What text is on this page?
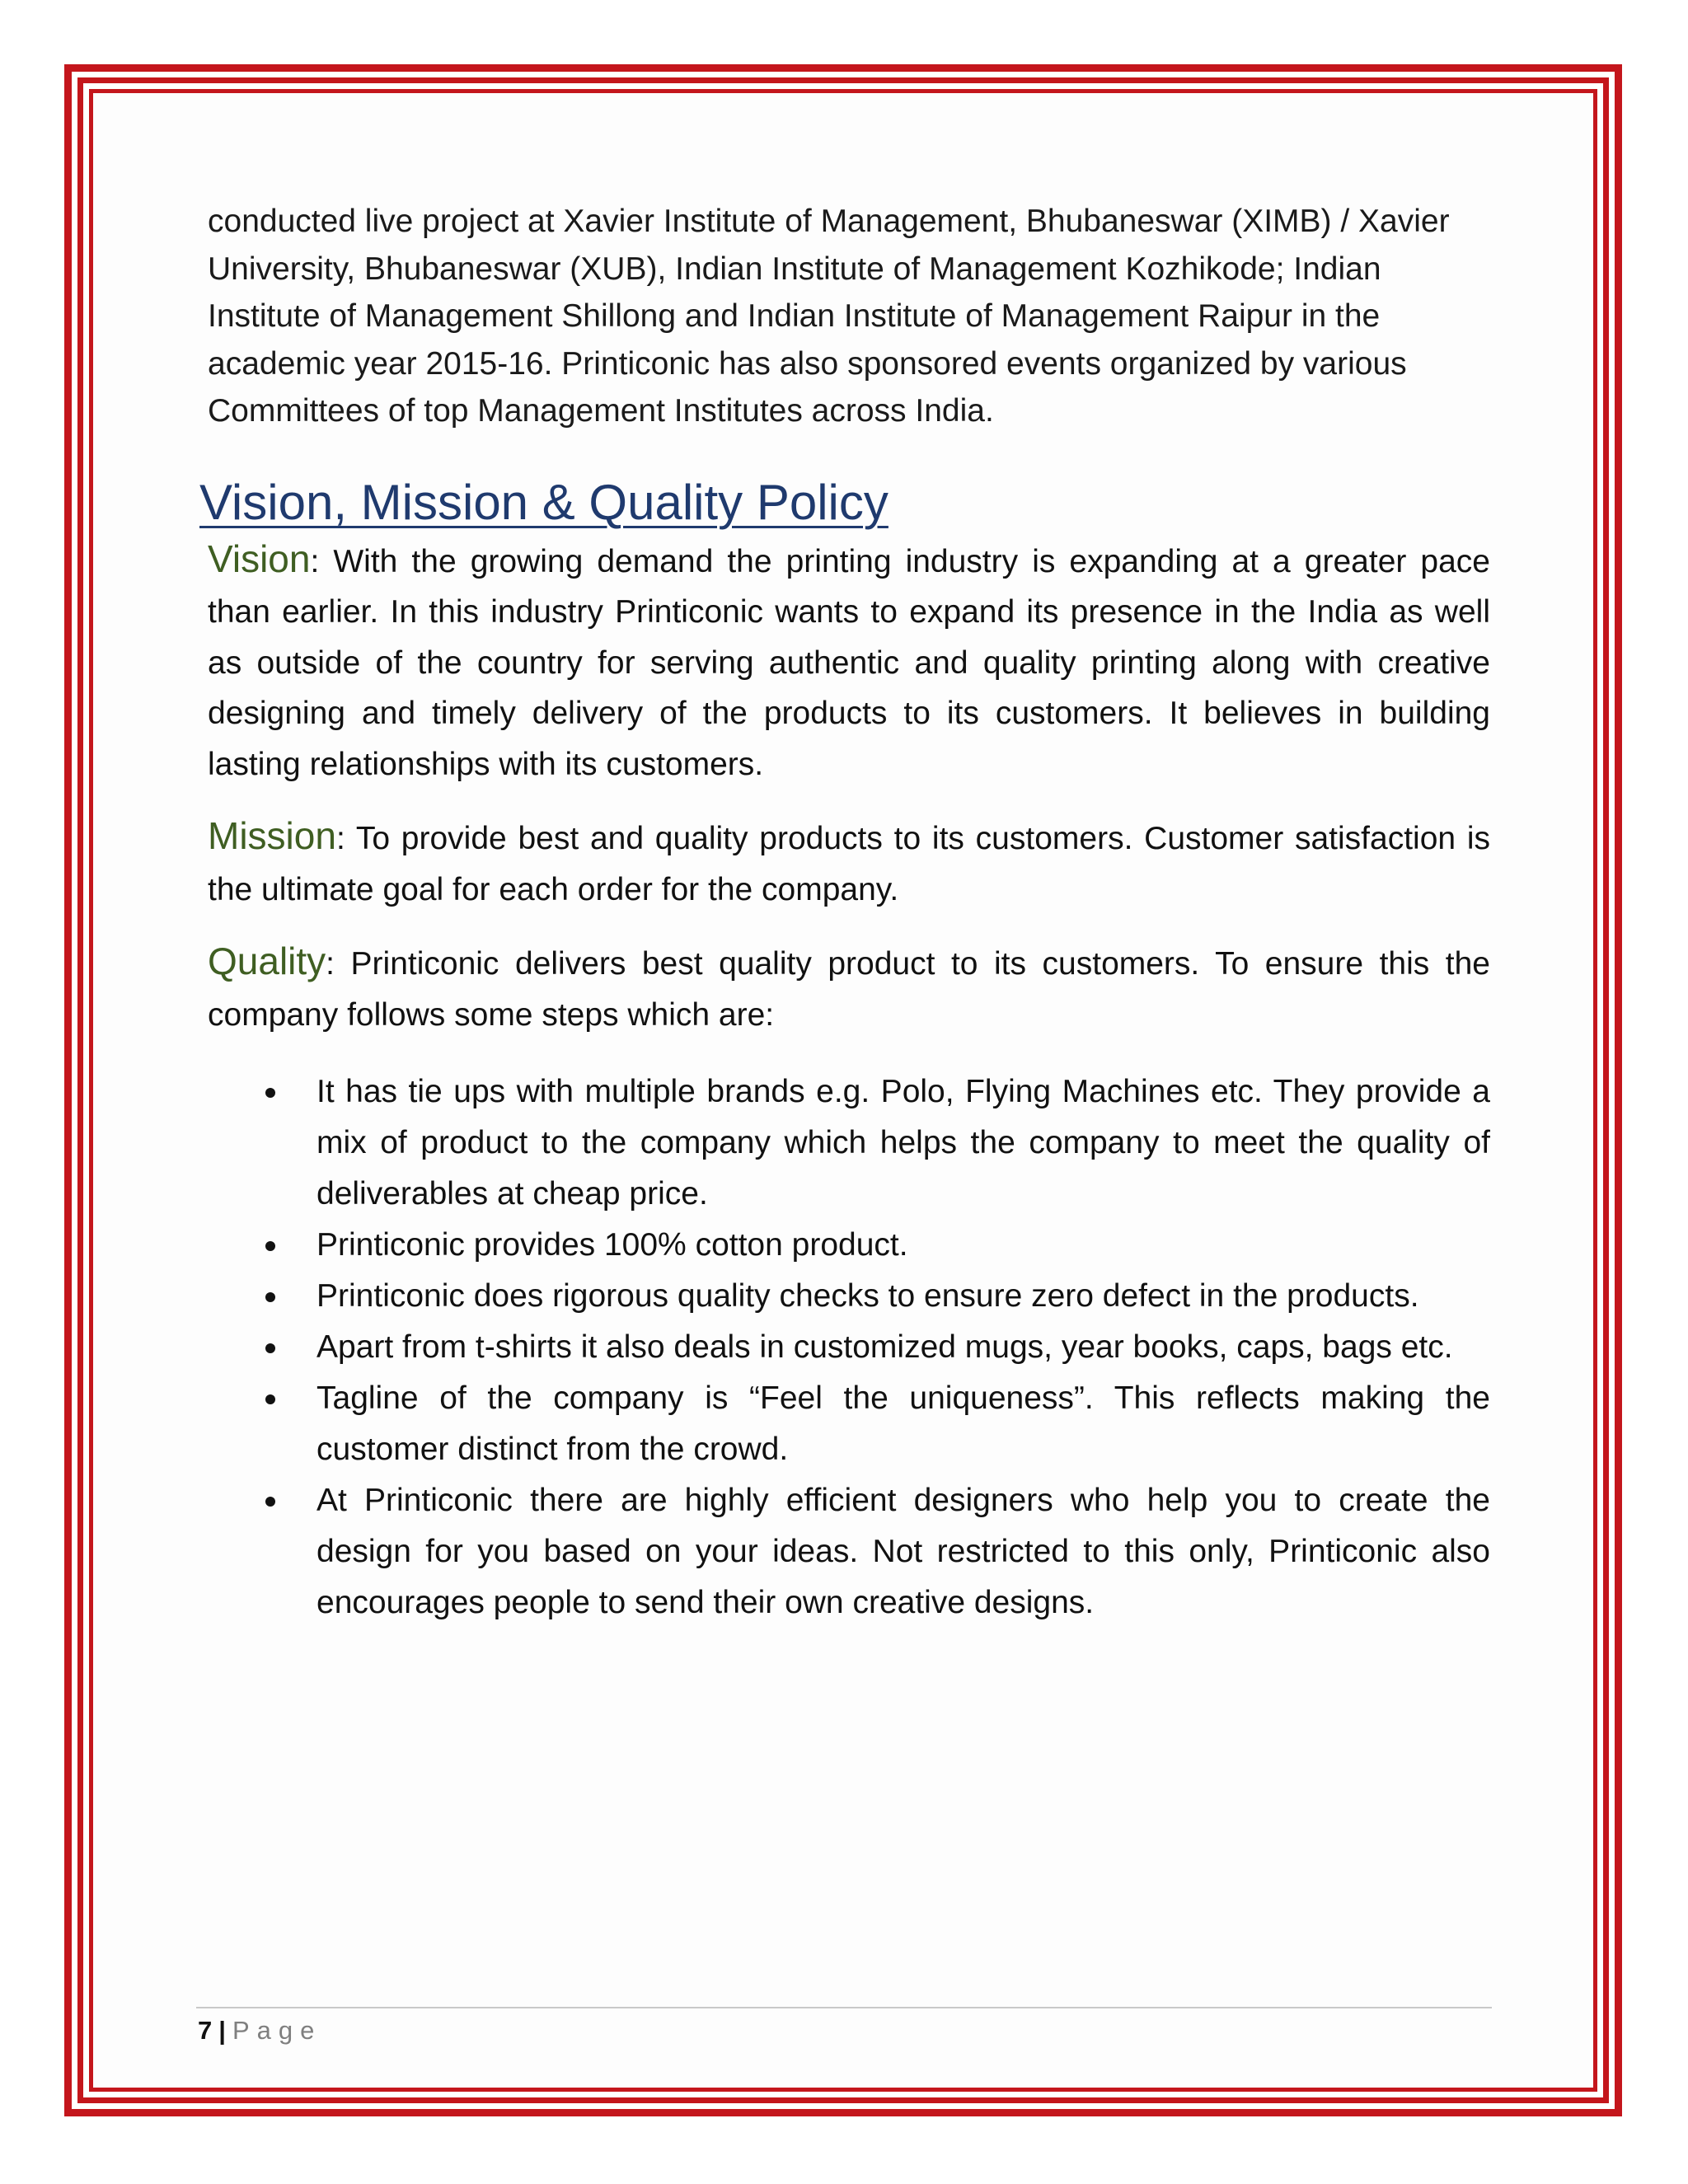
conducted live project at Xavier Institute of Management, Bhubaneswar (XIMB) / Xavier University, Bhubaneswar (XUB), Indian Institute of Management Kozhikode; Indian Institute of Management Shillong and Indian Institute of Management Raipur in the academic year 2015-16. Printiconic has also sponsored events organized by various Committees of top Management Institutes across India.

Vision, Mission & Quality Policy

Vision: With the growing demand the printing industry is expanding at a greater pace than earlier. In this industry Printiconic wants to expand its presence in the India as well as outside of the country for serving authentic and quality printing along with creative designing and timely delivery of the products to its customers. It believes in building lasting relationships with its customers.

Mission: To provide best and quality products to its customers. Customer satisfaction is the ultimate goal for each order for the company.

Quality: Printiconic delivers best quality product to its customers. To ensure this the company follows some steps which are:

It has tie ups with multiple brands e.g. Polo, Flying Machines etc. They provide a mix of product to the company which helps the company to meet the quality of deliverables at cheap price.
Printiconic provides 100% cotton product.
Printiconic does rigorous quality checks to ensure zero defect in the products.
Apart from t-shirts it also deals in customized mugs, year books, caps, bags etc.
Tagline of the company is “Feel the uniqueness”. This reflects making the customer distinct from the crowd.
At Printiconic there are highly efficient designers who help you to create the design for you based on your ideas. Not restricted to this only, Printiconic also encourages people to send their own creative designs.
7 | Page
